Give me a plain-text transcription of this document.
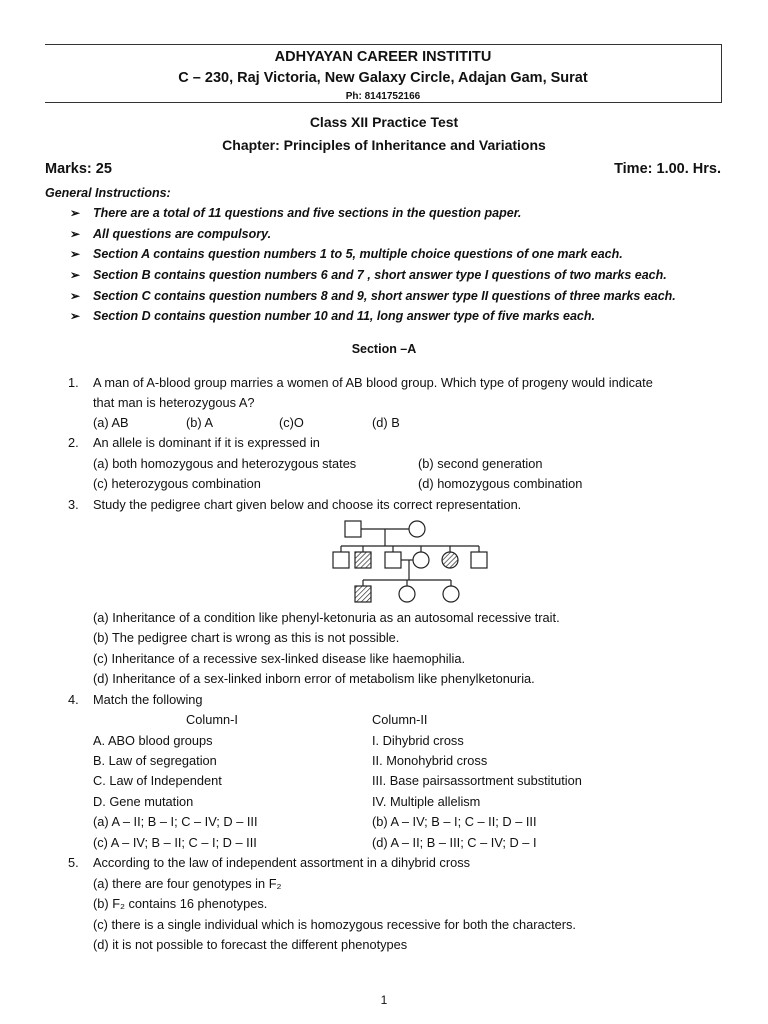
ADHYAYAN CAREER INSTITITU
C – 230, Raj Victoria, New Galaxy Circle, Adajan Gam, Surat
Ph: 8141752166
Class XII Practice Test
Chapter: Principles of Inheritance and Variations
Marks: 25	Time: 1.00. Hrs.
General Instructions:
➢ There are a total of 11 questions and five sections in the question paper.
➢ All questions are compulsory.
➢ Section A contains question numbers 1 to 5, multiple choice questions of one mark each.
➢ Section B contains question numbers 6 and 7 , short answer type I questions of two marks each.
➢ Section C contains question numbers 8 and 9, short answer type II questions of three marks each.
➢ Section D contains question number 10 and 11, long answer type of five marks each.
Section –A
1. A man of A-blood group marries a women of AB blood group. Which type of progeny would indicate
that man is heterozygous A?
(a) AB	(b) A	(c)O	(d) B
2. An allele is dominant if it is expressed in
(a) both homozygous and heterozygous states	(b) second generation
(c) heterozygous combination	(d) homozygous combination
3. Study the pedigree chart given below and choose its correct representation.
(a) Inheritance of a condition like phenyl-ketonuria as an autosomal recessive trait.
(b) The pedigree chart is wrong as this is not possible.
(c) Inheritance of a recessive sex-linked disease like haemophilia.
(d) Inheritance of a sex-linked inborn error of metabolism like phenylketonuria.
4. Match the following
Column-I	Column-II
A. ABO blood groups	I. Dihybrid cross
B. Law of segregation	II. Monohybrid cross
C. Law of Independent	III. Base pairsassortment substitution
D. Gene mutation	IV. Multiple allelism
(a) A – II; B – I; C – IV; D – III	(b) A – IV; B – I; C – II; D – III
(c) A – IV; B – II; C – I; D – III	(d) A – II; B – III; C – IV; D – I
5. According to the law of independent assortment in a dihybrid cross
(a) there are four genotypes in F₂
(b) F₂ contains 16 phenotypes.
(c) there is a single individual which is homozygous recessive for both the characters.
(d) it is not possible to forecast the different phenotypes
1
